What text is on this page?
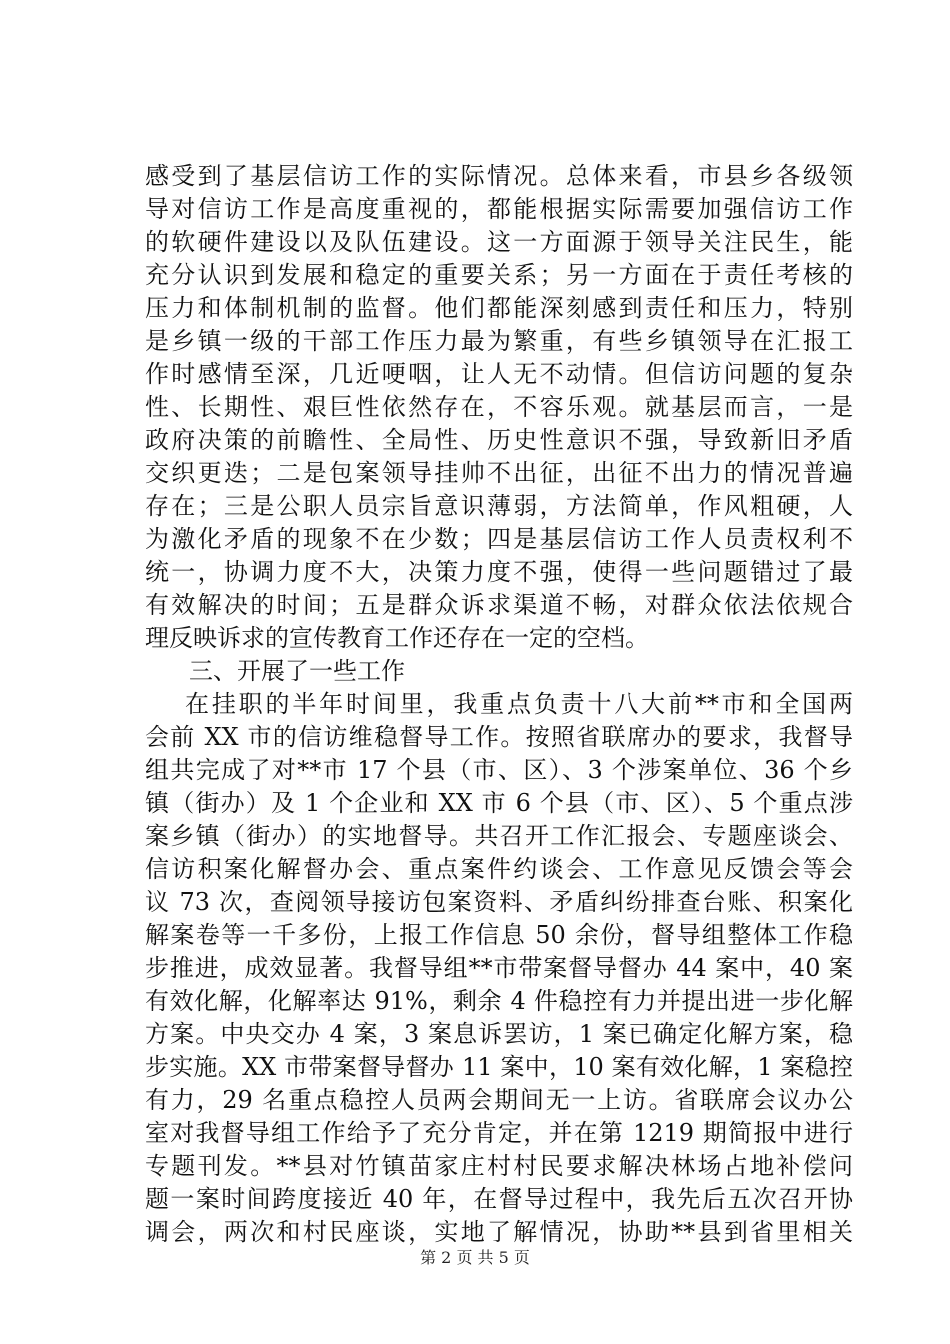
感受到了基层信访工作的实际情况。总体来看，市县乡各级领
导对信访工作是高度重视的，都能根据实际需要加强信访工作
的软硬件建设以及队伍建设。这一方面源于领导关注民生，能
充分认识到发展和稳定的重要关系；另一方面在于责任考核的
压力和体制机制的监督。他们都能深刻感到责任和压力，特别
是乡镇一级的干部工作压力最为繁重，有些乡镇领导在汇报工
作时感情至深，几近哽咽，让人无不动情。但信访问题的复杂
性、长期性、艰巨性依然存在，不容乐观。就基层而言，一是
政府决策的前瞻性、全局性、历史性意识不强，导致新旧矛盾
交织更迭；二是包案领导挂帅不出征，出征不出力的情况普遍
存在；三是公职人员宗旨意识薄弱，方法简单，作风粗硬，人
为激化矛盾的现象不在少数；四是基层信访工作人员责权利不
统一，协调力度不大，决策力度不强，使得一些问题错过了最
有效解决的时间；五是群众诉求渠道不畅，对群众依法依规合
理反映诉求的宣传教育工作还存在一定的空档。
三、开展了一些工作
在挂职的半年时间里，我重点负责十八大前**市和全国两
会前 XX 市的信访维稳督导工作。按照省联席办的要求，我督导
组共完成了对**市 17 个县（市、区）、3 个涉案单位、36 个乡
镇（街办）及 1 个企业和 XX 市 6 个县（市、区）、5 个重点涉
案乡镇（街办）的实地督导。共召开工作汇报会、专题座谈会、
信访积案化解督办会、重点案件约谈会、工作意见反馈会等会
议 73 次，查阅领导接访包案资料、矛盾纠纷排查台账、积案化
解案卷等一千多份，上报工作信息 50 余份，督导组整体工作稳
步推进，成效显著。我督导组**市带案督导督办 44 案中，40 案
有效化解，化解率达 91%，剩余 4 件稳控有力并提出进一步化解
方案。中央交办 4 案，3 案息诉罢访，1 案已确定化解方案，稳
步实施。XX 市带案督导督办 11 案中，10 案有效化解，1 案稳控
有力，29 名重点稳控人员两会期间无一上访。省联席会议办公
室对我督导组工作给予了充分肯定，并在第 1219 期简报中进行
专题刊发。**县对竹镇苗家庄村村民要求解决林场占地补偿问
题一案时间跨度接近 40 年，在督导过程中，我先后五次召开协
调会，两次和村民座谈，实地了解情况，协助**县到省里相关
第 2 页 共 5 页
